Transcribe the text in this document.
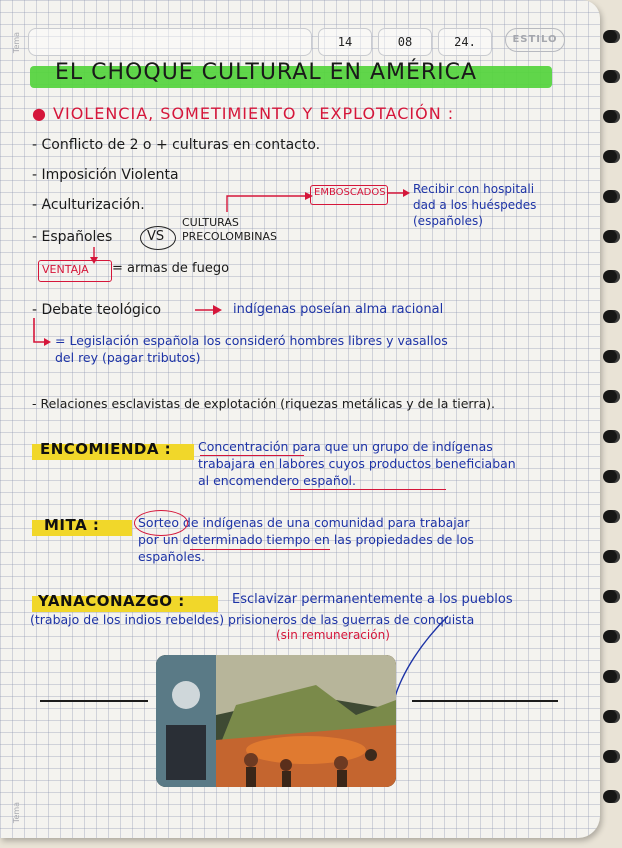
Tema
Tema
14	08	24.	ESTILO
EL CHOQUE CULTURAL EN AMÉRICA
● VIOLENCIA, SOMETIMIENTO Y EXPLOTACIÓN :
- Conflicto de 2 o + culturas en contacto.
- Imposición Violenta
- Aculturización.
EMBOSCADOS Recibir con hospitali
dad a los huéspedes
(españoles)
- Españoles	VS
CULTURAS
PRECOLOMBINAS
VENTAJA = armas de fuego
- Debate teológico	indígenas poseían alma racional
= Legislación española los consideró hombres libres y vasallos
del rey (pagar tributos)
- Relaciones esclavistas de explotación (riquezas metálicas y de la tierra).
ENCOMIENDA : Concentración para que un grupo de indígenas
trabajara en labores cuyos productos beneficiaban
al encomendero español.
MITA :	Sorteo de indígenas de una comunidad para trabajar
por un determinado tiempo en las propiedades de los
españoles.
YANACONAZGO :	Esclavizar permanentemente a los pueblos
(trabajo de los indios rebeldes) prisioneros de las guerras de conquista
(sin remuneración)
